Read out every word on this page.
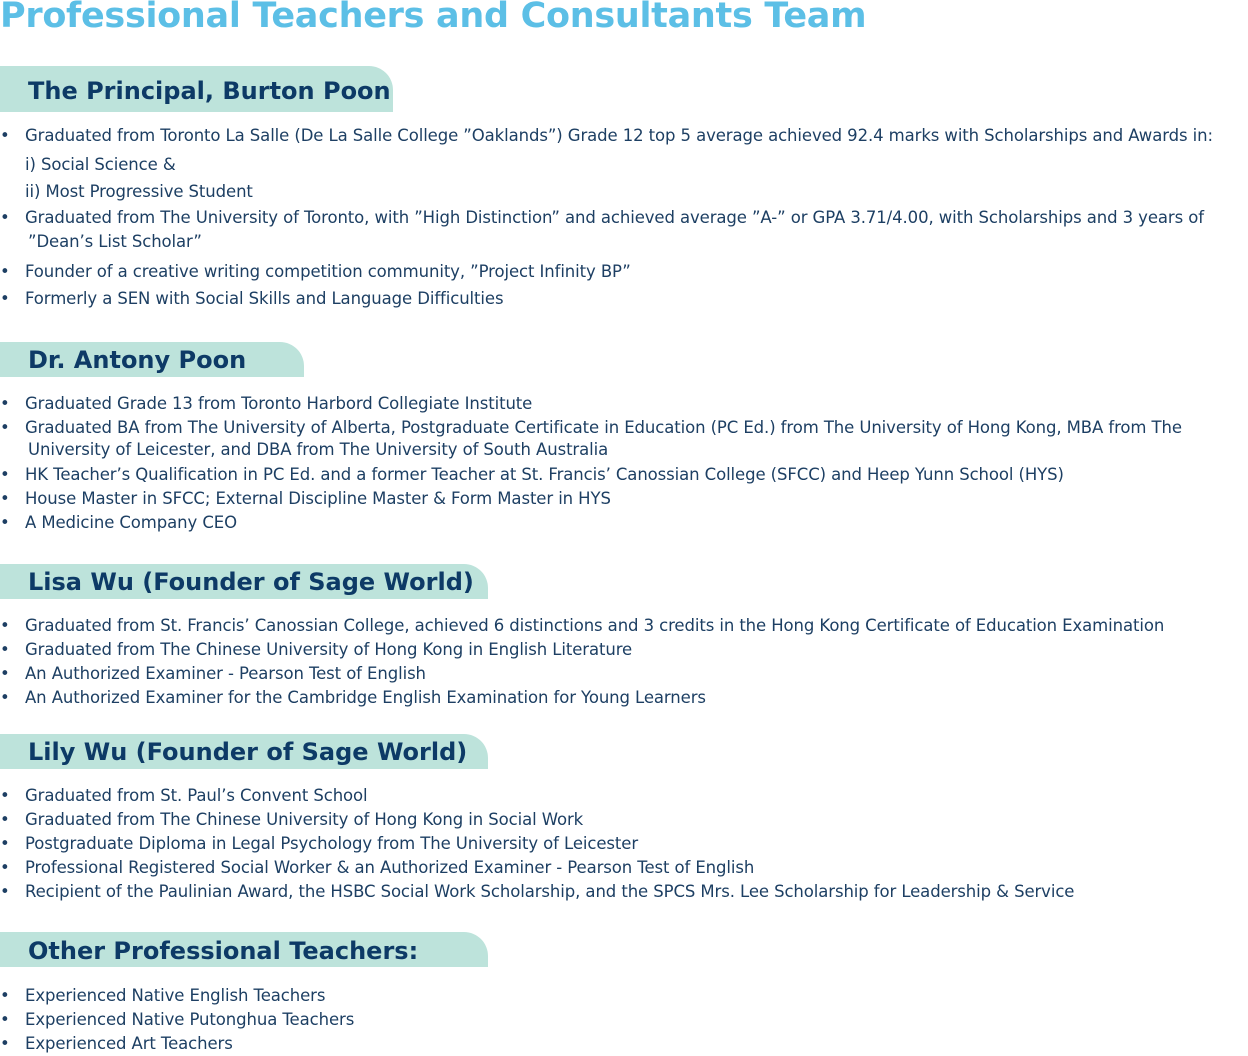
Professional Teachers and Consultants Team
The Principal, Burton Poon
• Graduated from Toronto La Salle (De La Salle College ”Oaklands”) Grade 12 top 5 average achieved 92.4 marks with Scholarships and Awards in:
i) Social Science &
ii) Most Progressive Student
• Graduated from The University of Toronto, with ”High Distinction” and achieved average ”A-” or GPA 3.71/4.00, with Scholarships and 3 years of
”Dean’s List Scholar”
• Founder of a creative writing competition community, ”Project Infinity BP”
• Formerly a SEN with Social Skills and Language Difficulties
Dr. Antony Poon
• Graduated Grade 13 from Toronto Harbord Collegiate Institute
• Graduated BA from The University of Alberta, Postgraduate Certificate in Education (PC Ed.) from The University of Hong Kong, MBA from The
University of Leicester, and DBA from The University of South Australia
• HK Teacher’s Qualification in PC Ed. and a former Teacher at St. Francis’ Canossian College (SFCC) and Heep Yunn School (HYS)
• House Master in SFCC; External Discipline Master & Form Master in HYS
• A Medicine Company CEO
Lisa Wu (Founder of Sage World)
• Graduated from St. Francis’ Canossian College, achieved 6 distinctions and 3 credits in the Hong Kong Certificate of Education Examination
• Graduated from The Chinese University of Hong Kong in English Literature
• An Authorized Examiner - Pearson Test of English
• An Authorized Examiner for the Cambridge English Examination for Young Learners
Lily Wu (Founder of Sage World)
• Graduated from St. Paul’s Convent School
• Graduated from The Chinese University of Hong Kong in Social Work
• Postgraduate Diploma in Legal Psychology from The University of Leicester
• Professional Registered Social Worker & an Authorized Examiner - Pearson Test of English
• Recipient of the Paulinian Award, the HSBC Social Work Scholarship, and the SPCS Mrs. Lee Scholarship for Leadership & Service
Other Professional Teachers:
• Experienced Native English Teachers
• Experienced Native Putonghua Teachers
• Experienced Art Teachers
